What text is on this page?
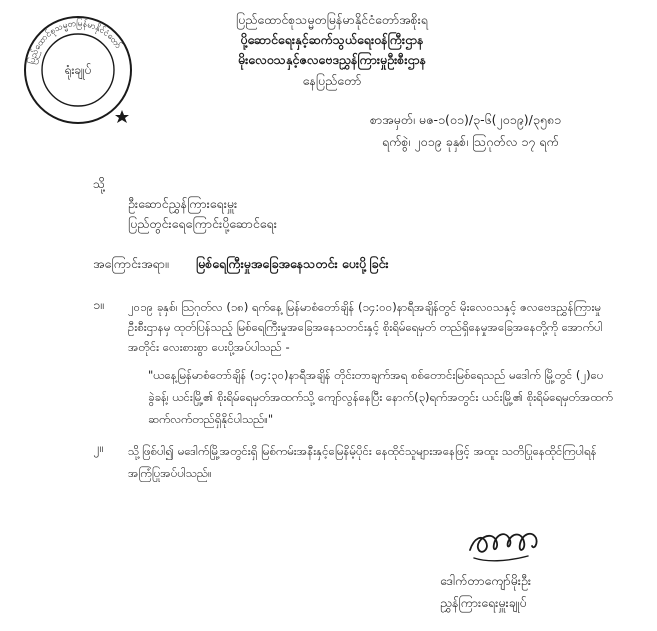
ပြည်ထောင်စုသမ္မတမြန်မာနိုင်ငံတော်
ရုံးချုပ်
ပြည်ထောင်စုသမ္မတမြန်မာနိုင်ငံတော်အစိုးရ
ပို့ဆောင်ရေးနှင့်ဆက်သွယ်ရေးဝန်ကြီးဌာန
မိုးလေဝသနှင့်ဇလဗေဒညွှန်ကြားမှုဦးစီးဌာန
နေပြည်တော်
စာအမှတ်၊ မဇ-၁(၀၁)/၃-၆(၂၀၁၉)/၃၅၈၁
ရက်စွဲ၊ ၂၀၁၉ ခုနှစ်၊ ဩဂုတ်လ ၁၇ ရက်
သို့
ဦးဆောင်ညွှန်ကြားရေးမှူး
ပြည်တွင်းရေကြောင်းပို့ဆောင်ရေး
အကြောင်းအရာ။ မြစ်ရေကြီးမှုအခြေအနေသတင်း ပေးပို့ခြင်း
၁။ ၂၀၁၉ ခုနှစ်၊ ဩဂုတ်လ (၁၈) ရက်နေ့ မြန်မာစံတော်ချိန် (၁၄:၀၀)နာရီအချိန်တွင် မိုးလေဝသနှင့် ဇလဗေဒညွှန်ကြားမှုဦးစီးဌာနမှ ထုတ်ပြန်သည့် မြစ်ရေကြီးမှုအခြေအနေသတင်းနှင့် စိုးရိမ်ရေမှတ် တည်ရှိနေမှုအခြေအနေတို့ကို အောက်ပါအတိုင်း လေးစားစွာ ပေးပို့အပ်ပါသည် -
"ယနေ့မြန်မာစံတော်ချိန် (၁၄:၃၀)နာရီအချိန် တိုင်းတာချက်အရ စစ်တောင်းမြစ်ရေသည် မဒေါက် မြို့တွင် (၂)ပေခွဲခန့်၊ ယင်းမြို့၏ စိုးရိမ်ရေမှတ်အထက်သို့ ကျော်လွန်နေပြီး နောက်(၃)ရက်အတွင်း ယင်းမြို့၏ စိုးရိမ်ရေမှတ်အထက် ဆက်လက်တည်ရှိနိုင်ပါသည်။"
၂။ သို့ဖြစ်ပါ၍ မဒေါက်မြို့အတွင်းရှိ မြစ်ကမ်းအနီးနှင့်မြေနိမ့်ပိုင်း နေထိုင်သူများအနေဖြင့် အထူး သတိပြုနေထိုင်ကြပါရန် အကြံပြုအပ်ပါသည်။
ဒေါက်တာကျော်မိုးဦး
ညွှန်ကြားရေးမှူးချုပ်
